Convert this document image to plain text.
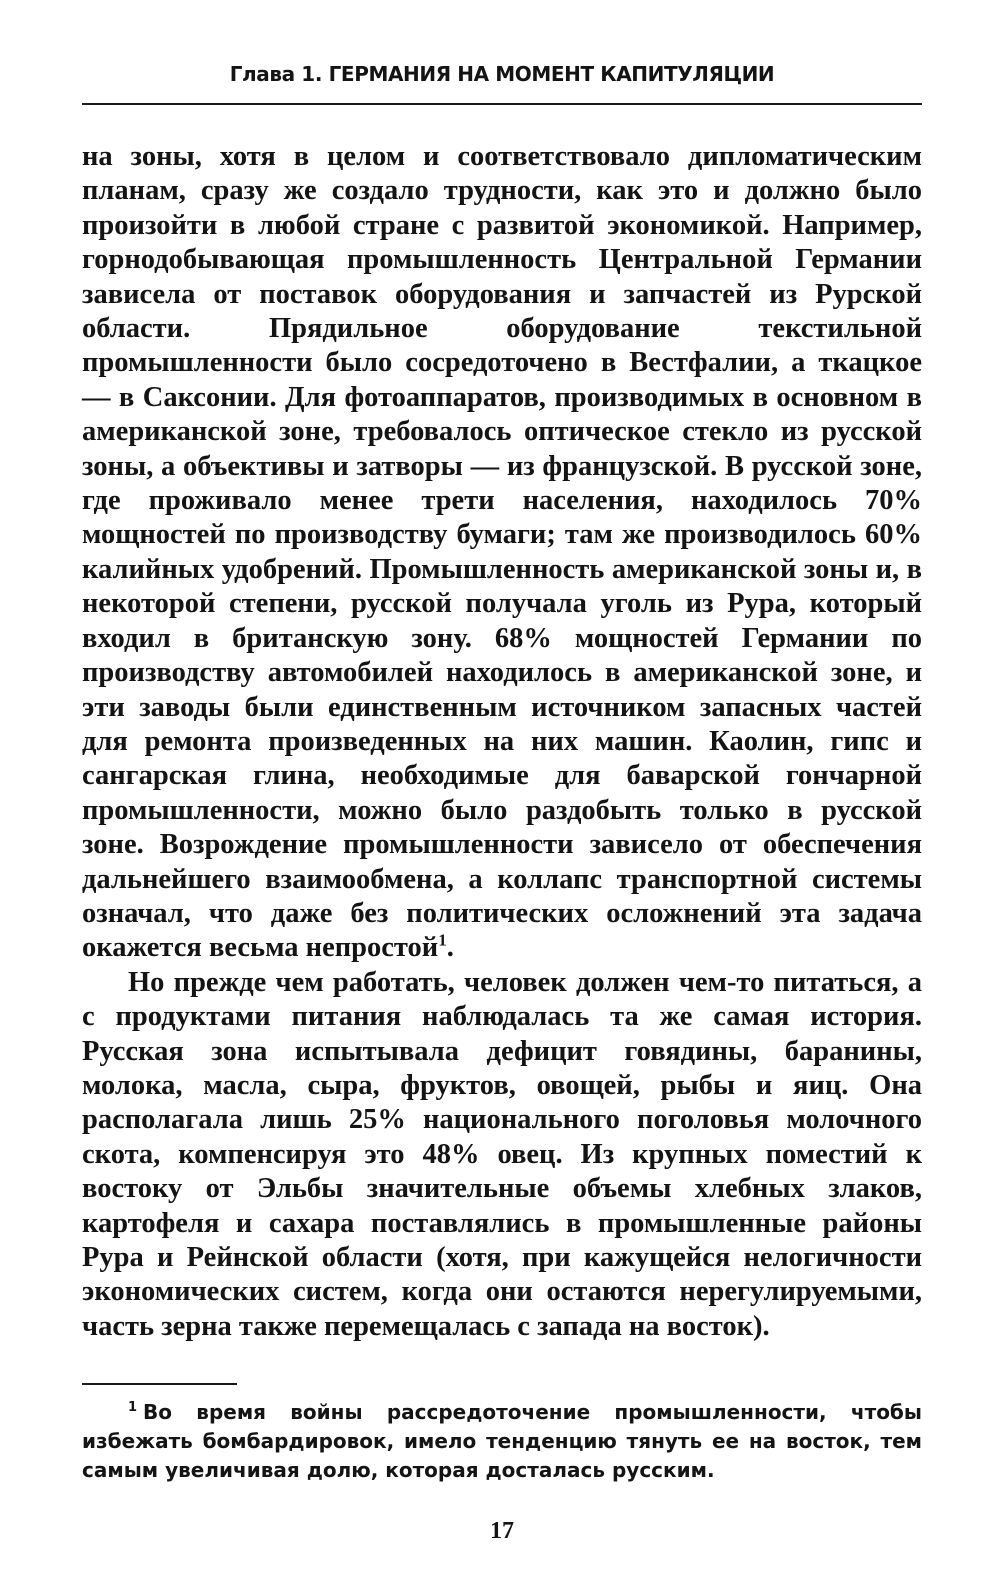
Глава 1. ГЕРМАНИЯ НА МОМЕНТ КАПИТУЛЯЦИИ

на зоны, хотя в целом и соответствовало дипломатическим планам, сразу же создало трудности, как это и должно было произойти в любой стране с развитой экономикой. Например, горнодобывающая промышленность Центральной Германии зависела от поставок оборудования и запчастей из Рурской области. Прядильное оборудование текстильной промышленности было сосредоточено в Вестфалии, а ткацкое — в Саксонии. Для фотоаппаратов, производимых в основном в американской зоне, требовалось оптическое стекло из русской зоны, а объективы и затворы — из французской. В русской зоне, где проживало менее трети населения, находилось 70% мощностей по производству бумаги; там же производилось 60% калийных удобрений. Промышленность американской зоны и, в некоторой степени, русской получала уголь из Рура, который входил в британскую зону. 68% мощностей Германии по производству автомобилей находилось в американской зоне, и эти заводы были единственным источником запасных частей для ремонта произведенных на них машин. Каолин, гипс и сангарская глина, необходимые для баварской гончарной промышленности, можно было раздобыть только в русской зоне. Возрождение промышленности зависело от обеспечения дальнейшего взаимообмена, а коллапс транспортной системы означал, что даже без политических осложнений эта задача окажется весьма непростой$^1$.

Но прежде чем работать, человек должен чем-то питаться, а с продуктами питания наблюдалась та же самая история. Русская зона испытывала дефицит говядины, баранины, молока, масла, сыра, фруктов, овощей, рыбы и яиц. Она располагала лишь 25% национального поголовья молочного скота, компенсируя это 48% овец. Из крупных поместий к востоку от Эльбы значительные объемы хлебных злаков, картофеля и сахара поставлялись в промышленные районы Рура и Рейнской области (хотя, при кажущейся нелогичности экономических систем, когда они остаются нерегулируемыми, часть зерна также перемещалась с запада на восток).

$^1$ Во время войны рассредоточение промышленности, чтобы избежать бомбардировок, имело тенденцию тянуть ее на восток, тем самым увеличивая долю, которая досталась русским.
17
